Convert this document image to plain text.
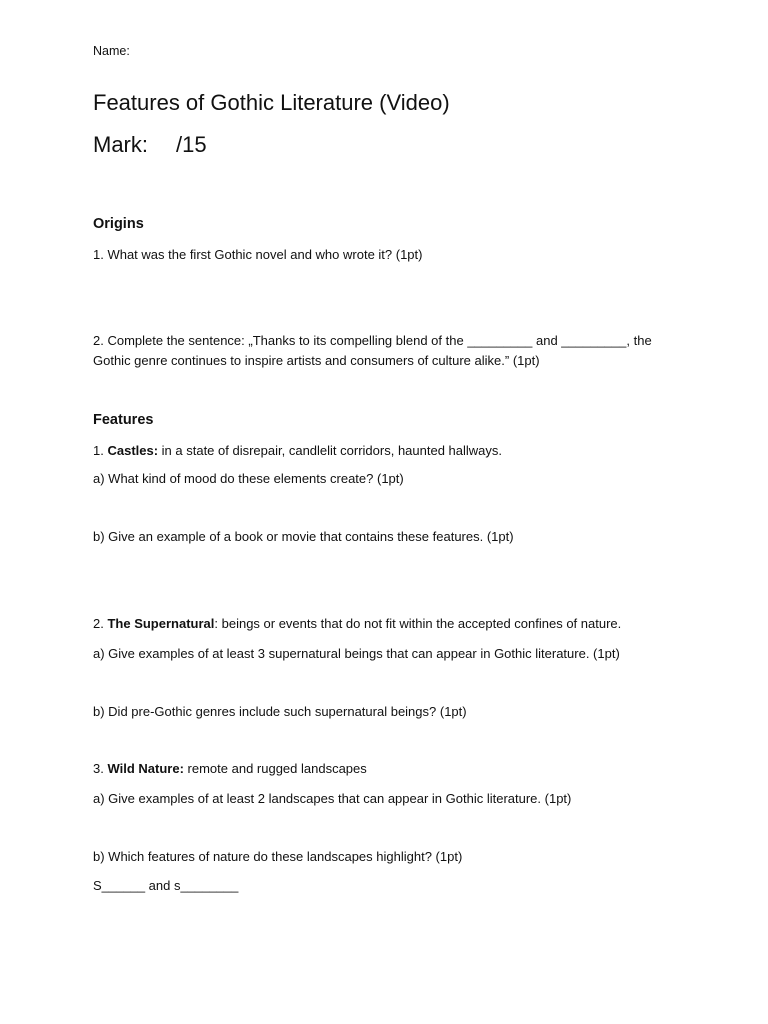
Name:
Features of Gothic Literature (Video)
Mark: /15
Origins
1. What was the first Gothic novel and who wrote it? (1pt)
2. Complete the sentence: „Thanks to its compelling blend of the _________ and _________, the Gothic genre continues to inspire artists and consumers of culture alike.” (1pt)
Features
1. Castles: in a state of disrepair, candlelit corridors, haunted hallways.
a) What kind of mood do these elements create? (1pt)
b) Give an example of a book or movie that contains these features. (1pt)
2. The Supernatural: beings or events that do not fit within the accepted confines of nature.
a) Give examples of at least 3 supernatural beings that can appear in Gothic literature. (1pt)
b) Did pre-Gothic genres include such supernatural beings? (1pt)
3. Wild Nature: remote and rugged landscapes
a) Give examples of at least 2 landscapes that can appear in Gothic literature. (1pt)
b) Which features of nature do these landscapes highlight? (1pt)
S______ and s________
